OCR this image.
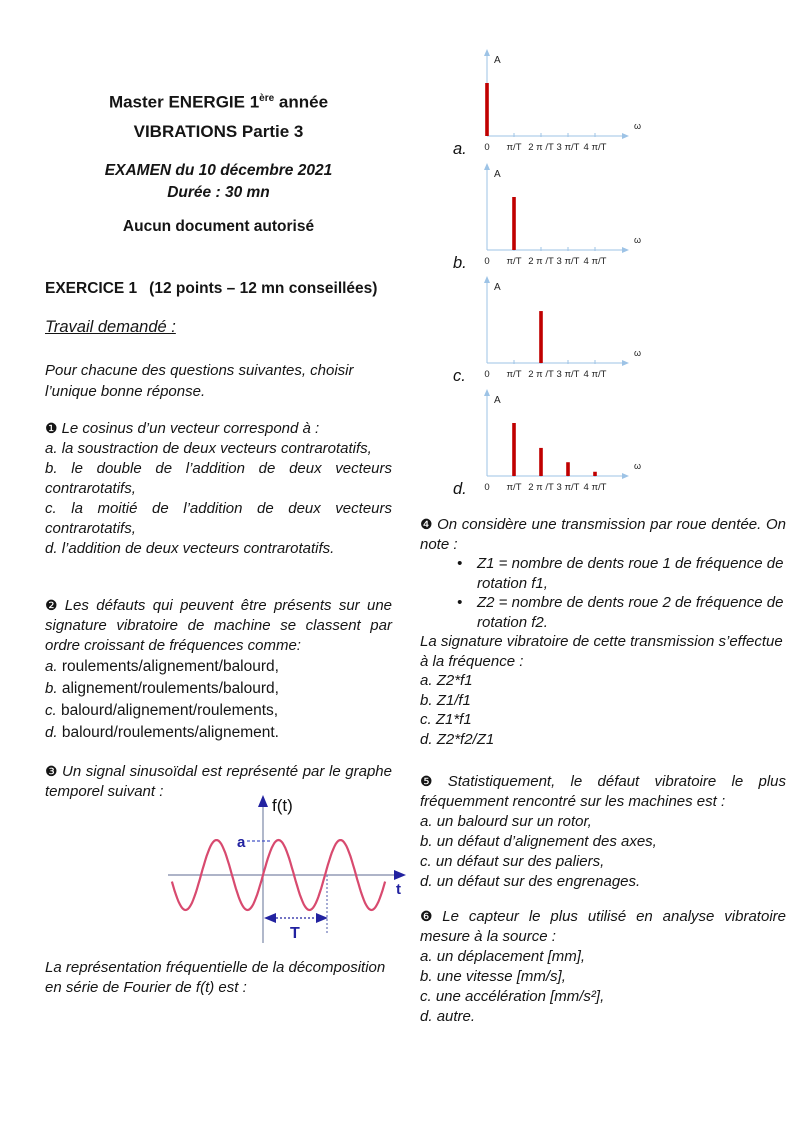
Master ENERGIE 1ère année
VIBRATIONS Partie 3
EXAMEN du 10 décembre 2021
Durée : 30 mn
Aucun document autorisé
EXERCICE 1 (12 points – 12 mn conseillées)
Travail demandé :
Pour chacune des questions suivantes, choisir l’unique bonne réponse.

❶ Le cosinus d’un vecteur correspond à :

a. la soustraction de deux vecteurs contrarotatifs,
b. le double de l’addition de deux vecteurs contrarotatifs,
c. la moitié de l’addition de deux vecteurs contrarotatifs,
d. l’addition de deux vecteurs contrarotatifs.

❷ Les défauts qui peuvent être présents sur une signature vibratoire de machine se classent par ordre croissant de fréquences comme:

a. roulements/alignement/balourd,
b. alignement/roulements/balourd,
c. balourd/alignement/roulements,
d. balourd/roulements/alignement.

❸ Un signal sinusoïdal est représenté par le graphe temporel suivant :

f(t)
a
t
T
La représentation fréquentielle de la décomposition en série de Fourier de f(t) est :
0 π/T 2 π /T 3 π/T 4 π/T
A
ω
a.
0 π/T 2 π /T 3 π/T 4 π/T
A
ω
b.
0 π/T 2 π /T 3 π/T 4 π/T
A
ω
c.
0 π/T 2 π /T 3 π/T 4 π/T
A
ω
d.

❹ On considère une transmission par roue dentée. On note :

• Z1 = nombre de dents roue 1 de fréquence de rotation f1,
• Z2 = nombre de dents roue 2 de fréquence de rotation f2.

La signature vibratoire de cette transmission s’effectue à la fréquence :

a. Z2*f1
b. Z1/f1
c. Z1*f1
d. Z2*f2/Z1

❺ Statistiquement, le défaut vibratoire le plus fréquemment rencontré sur les machines est :

a. un balourd sur un rotor,
b. un défaut d’alignement des axes,
c. un défaut sur des paliers,
d. un défaut sur des engrenages.

❻ Le capteur le plus utilisé en analyse vibratoire mesure à la source :

a. un déplacement [mm],
b. une vitesse [mm/s],
c. une accélération [mm/s²],
d. autre.
